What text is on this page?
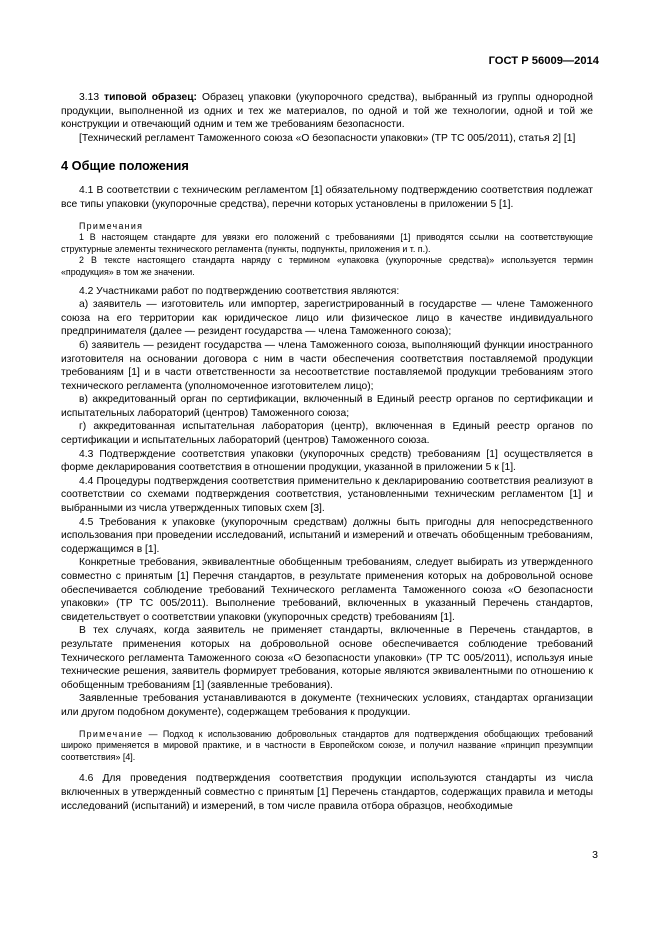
ГОСТ Р 56009—2014

3.13 типовой образец: Образец упаковки (укупорочного средства), выбранный из группы однородной продукции, выполненной из одних и тех же материалов, по одной и той же технологии, одной и той же конструкции и отвечающий одним и тем же требованиям безопасности.

[Технический регламент Таможенного союза «О безопасности упаковки» (ТР ТС 005/2011), статья 2] [1]

4 Общие положения

4.1 В соответствии с техническим регламентом [1] обязательному подтверждению соответствия подлежат все типы упаковки (укупорочные средства), перечни которых установлены в приложении 5 [1].

Примечания

1 В настоящем стандарте для увязки его положений с требованиями [1] приводятся ссылки на соответствующие структурные элементы технического регламента (пункты, подпункты, приложения и т. п.).

2 В тексте настоящего стандарта наряду с термином «упаковка (укупорочные средства)» используется термин «продукция» в том же значении.

4.2 Участниками работ по подтверждению соответствия являются:

а) заявитель — изготовитель или импортер, зарегистрированный в государстве — члене Таможенного союза на его территории как юридическое лицо или физическое лицо в качестве индивидуального предпринимателя (далее — резидент государства — члена Таможенного союза);

б) заявитель — резидент государства — члена Таможенного союза, выполняющий функции иностранного изготовителя на основании договора с ним в части обеспечения соответствия поставляемой продукции требованиям [1] и в части ответственности за несоответствие поставляемой продукции требованиям этого технического регламента (уполномоченное изготовителем лицо);

в) аккредитованный орган по сертификации, включенный в Единый реестр органов по сертификации и испытательных лабораторий (центров) Таможенного союза;

г) аккредитованная испытательная лаборатория (центр), включенная в Единый реестр органов по сертификации и испытательных лабораторий (центров) Таможенного союза.

4.3 Подтверждение соответствия упаковки (укупорочных средств) требованиям [1] осуществляется в форме декларирования соответствия в отношении продукции, указанной в приложении 5 к [1].

4.4 Процедуры подтверждения соответствия применительно к декларированию соответствия реализуют в соответствии со схемами подтверждения соответствия, установленными техническим регламентом [1] и выбранными из числа утвержденных типовых схем [3].

4.5 Требования к упаковке (укупорочным средствам) должны быть пригодны для непосредственного использования при проведении исследований, испытаний и измерений и отвечать обобщенным требованиям, содержащимся в [1].

Конкретные требования, эквивалентные обобщенным требованиям, следует выбирать из утвержденного совместно с принятым [1] Перечня стандартов, в результате применения которых на добровольной основе обеспечивается соблюдение требований Технического регламента Таможенного союза «О безопасности упаковки» (ТР ТС 005/2011). Выполнение требований, включенных в указанный Перечень стандартов, свидетельствует о соответствии упаковки (укупорочных средств) требованиям [1].

В тех случаях, когда заявитель не применяет стандарты, включенные в Перечень стандартов, в результате применения которых на добровольной основе обеспечивается соблюдение требований Технического регламента Таможенного союза «О безопасности упаковки» (ТР ТС 005/2011), используя иные технические решения, заявитель формирует требования, которые являются эквивалентными по отношению к обобщенным требованиям [1] (заявленные требования).

Заявленные требования устанавливаются в документе (технических условиях, стандартах организации или другом подобном документе), содержащем требования к продукции.

Примечание — Подход к использованию добровольных стандартов для подтверждения обобщающих требований широко применяется в мировой практике, и в частности в Европейском союзе, и получил название «принцип презумпции соответствия» [4].

4.6 Для проведения подтверждения соответствия продукции используются стандарты из числа включенных в утвержденный совместно с принятым [1] Перечень стандартов, содержащих правила и методы исследований (испытаний) и измерений, в том числе правила отбора образцов, необходимые

3
